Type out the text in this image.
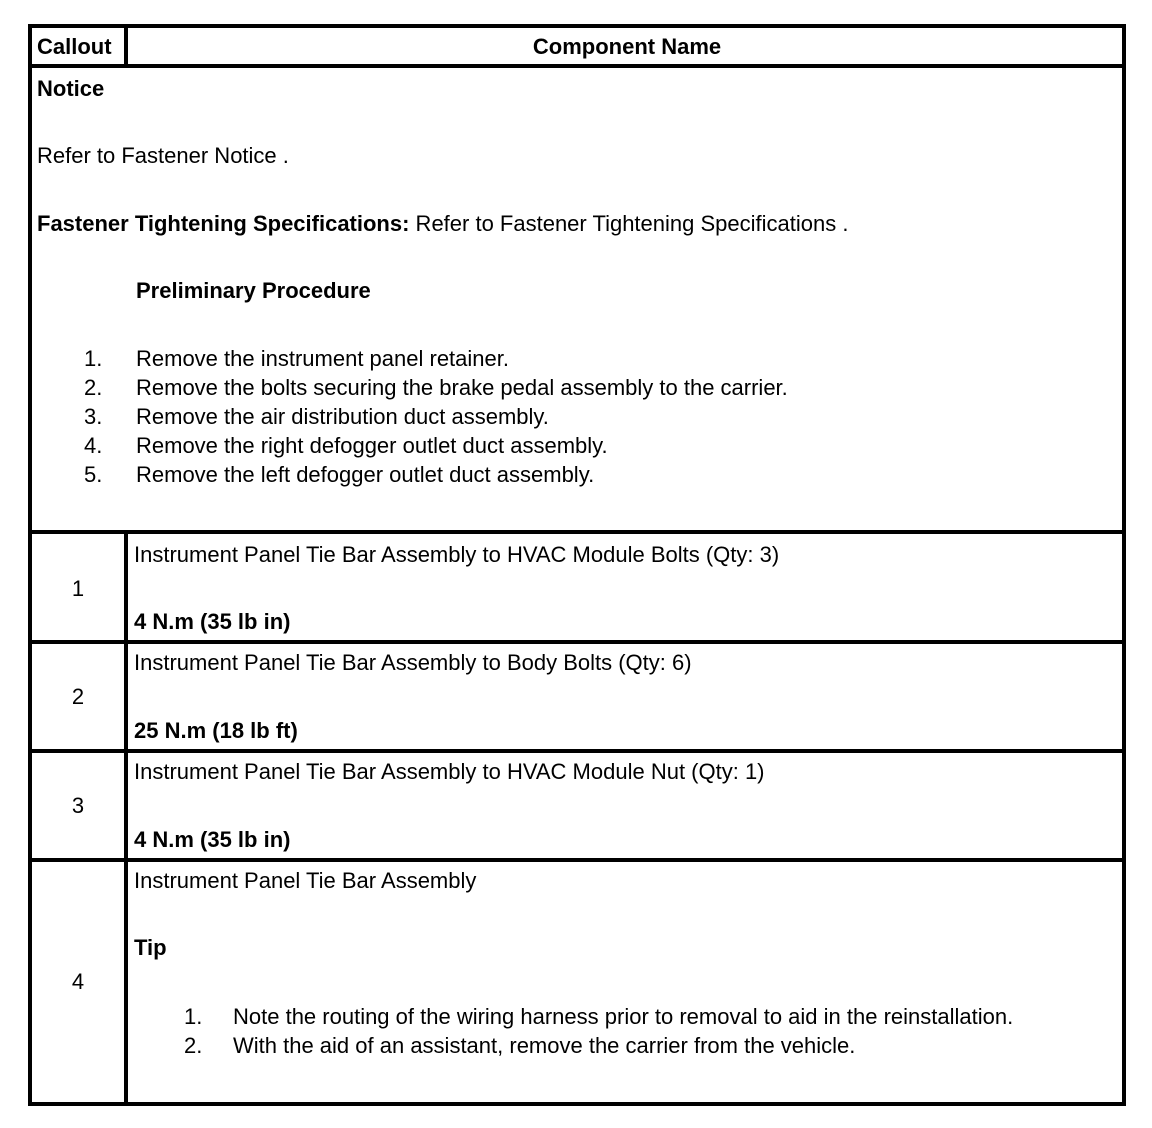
Callout	Component Name
Notice
Refer to Fastener Notice .
Fastener Tightening Specifications: Refer to Fastener Tightening Specifications .
Preliminary Procedure
1. Remove the instrument panel retainer.
2. Remove the bolts securing the brake pedal assembly to the carrier.
3. Remove the air distribution duct assembly.
4. Remove the right defogger outlet duct assembly.
5. Remove the left defogger outlet duct assembly.
1
Instrument Panel Tie Bar Assembly to HVAC Module Bolts (Qty: 3)
4 N.m (35 lb in)
2
Instrument Panel Tie Bar Assembly to Body Bolts (Qty: 6)
25 N.m (18 lb ft)
3
Instrument Panel Tie Bar Assembly to HVAC Module Nut (Qty: 1)
4 N.m (35 lb in)
4
Instrument Panel Tie Bar Assembly
Tip
1. Note the routing of the wiring harness prior to removal to aid in the reinstallation.
2. With the aid of an assistant, remove the carrier from the vehicle.
